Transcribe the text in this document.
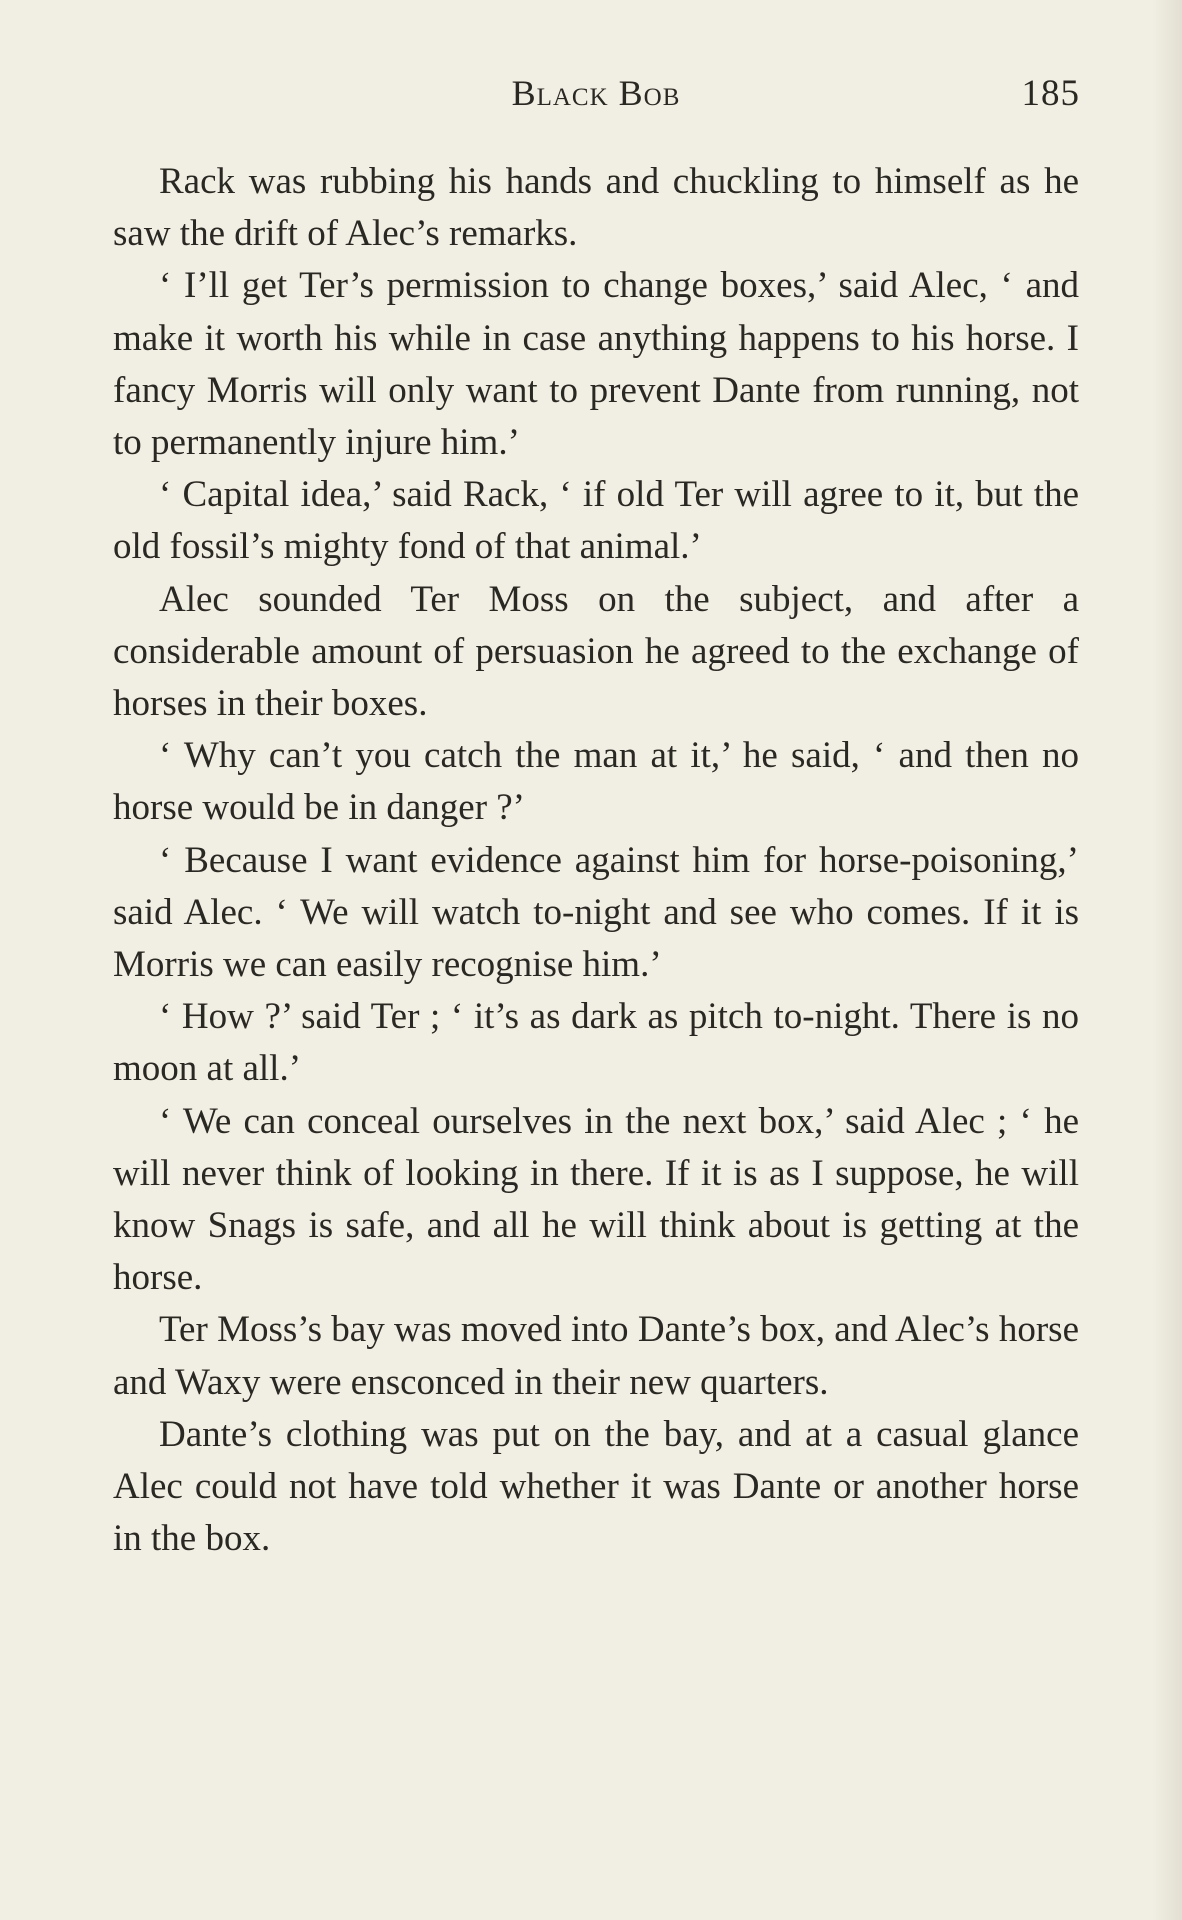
Black Bob	185

Rack was rubbing his hands and chuckling to himself as he saw the drift of Alec’s remarks.

‘ I’ll get Ter’s permission to change boxes,’ said Alec, ‘ and make it worth his while in case anything happens to his horse. I fancy Morris will only want to prevent Dante from running, not to permanently injure him.’

‘ Capital idea,’ said Rack, ‘ if old Ter will agree to it, but the old fossil’s mighty fond of that animal.’

Alec sounded Ter Moss on the subject, and after a considerable amount of persuasion he agreed to the exchange of horses in their boxes.

‘ Why can’t you catch the man at it,’ he said, ‘ and then no horse would be in danger ?’

‘ Because I want evidence against him for horse-poisoning,’ said Alec. ‘ We will watch to-night and see who comes. If it is Morris we can easily recognise him.’

‘ How ?’ said Ter ; ‘ it’s as dark as pitch to-night. There is no moon at all.’

‘ We can conceal ourselves in the next box,’ said Alec ; ‘ he will never think of looking in there. If it is as I suppose, he will know Snags is safe, and all he will think about is getting at the horse.

Ter Moss’s bay was moved into Dante’s box, and Alec’s horse and Waxy were ensconced in their new quarters.

Dante’s clothing was put on the bay, and at a casual glance Alec could not have told whether it was Dante or another horse in the box.
